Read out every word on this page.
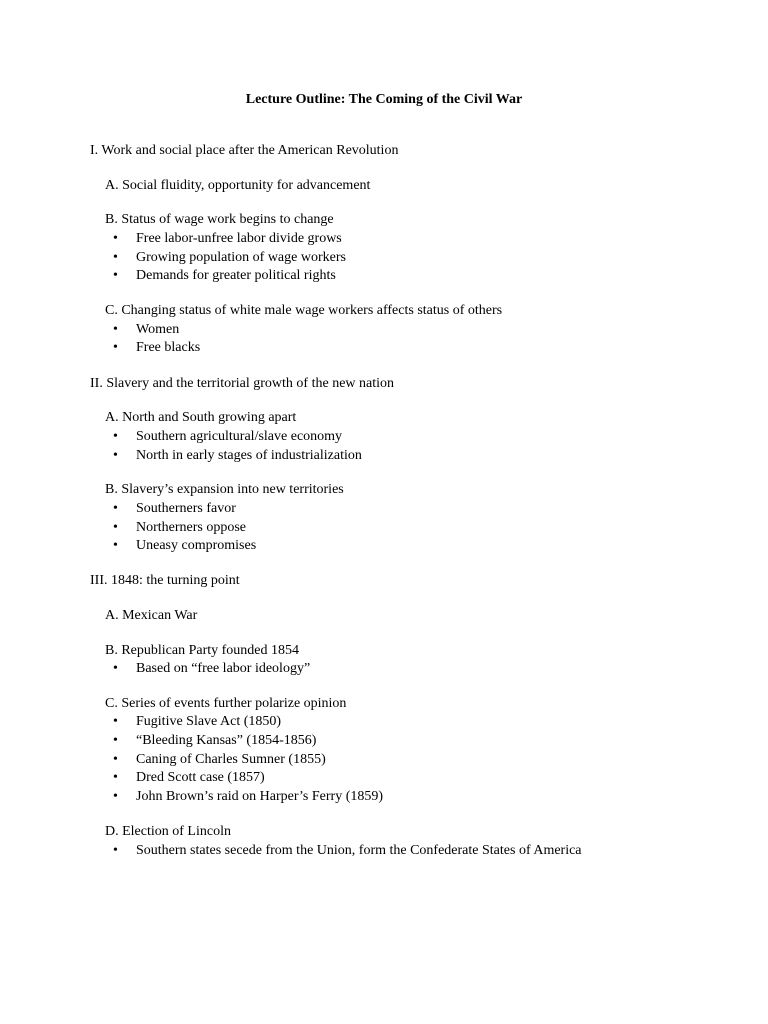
Lecture Outline: The Coming of the Civil War
I. Work and social place after the American Revolution
A. Social fluidity, opportunity for advancement
B. Status of wage work begins to change
• Free labor-unfree labor divide grows
• Growing population of wage workers
• Demands for greater political rights
C. Changing status of white male wage workers affects status of others
• Women
• Free blacks
II. Slavery and the territorial growth of the new nation
A. North and South growing apart
• Southern agricultural/slave economy
• North in early stages of industrialization
B. Slavery’s expansion into new territories
• Southerners favor
• Northerners oppose
• Uneasy compromises
III. 1848: the turning point
A. Mexican War
B. Republican Party founded 1854
• Based on “free labor ideology”
C. Series of events further polarize opinion
• Fugitive Slave Act (1850)
• “Bleeding Kansas” (1854-1856)
• Caning of Charles Sumner (1855)
• Dred Scott case (1857)
• John Brown’s raid on Harper’s Ferry (1859)
D. Election of Lincoln
• Southern states secede from the Union, form the Confederate States of America
